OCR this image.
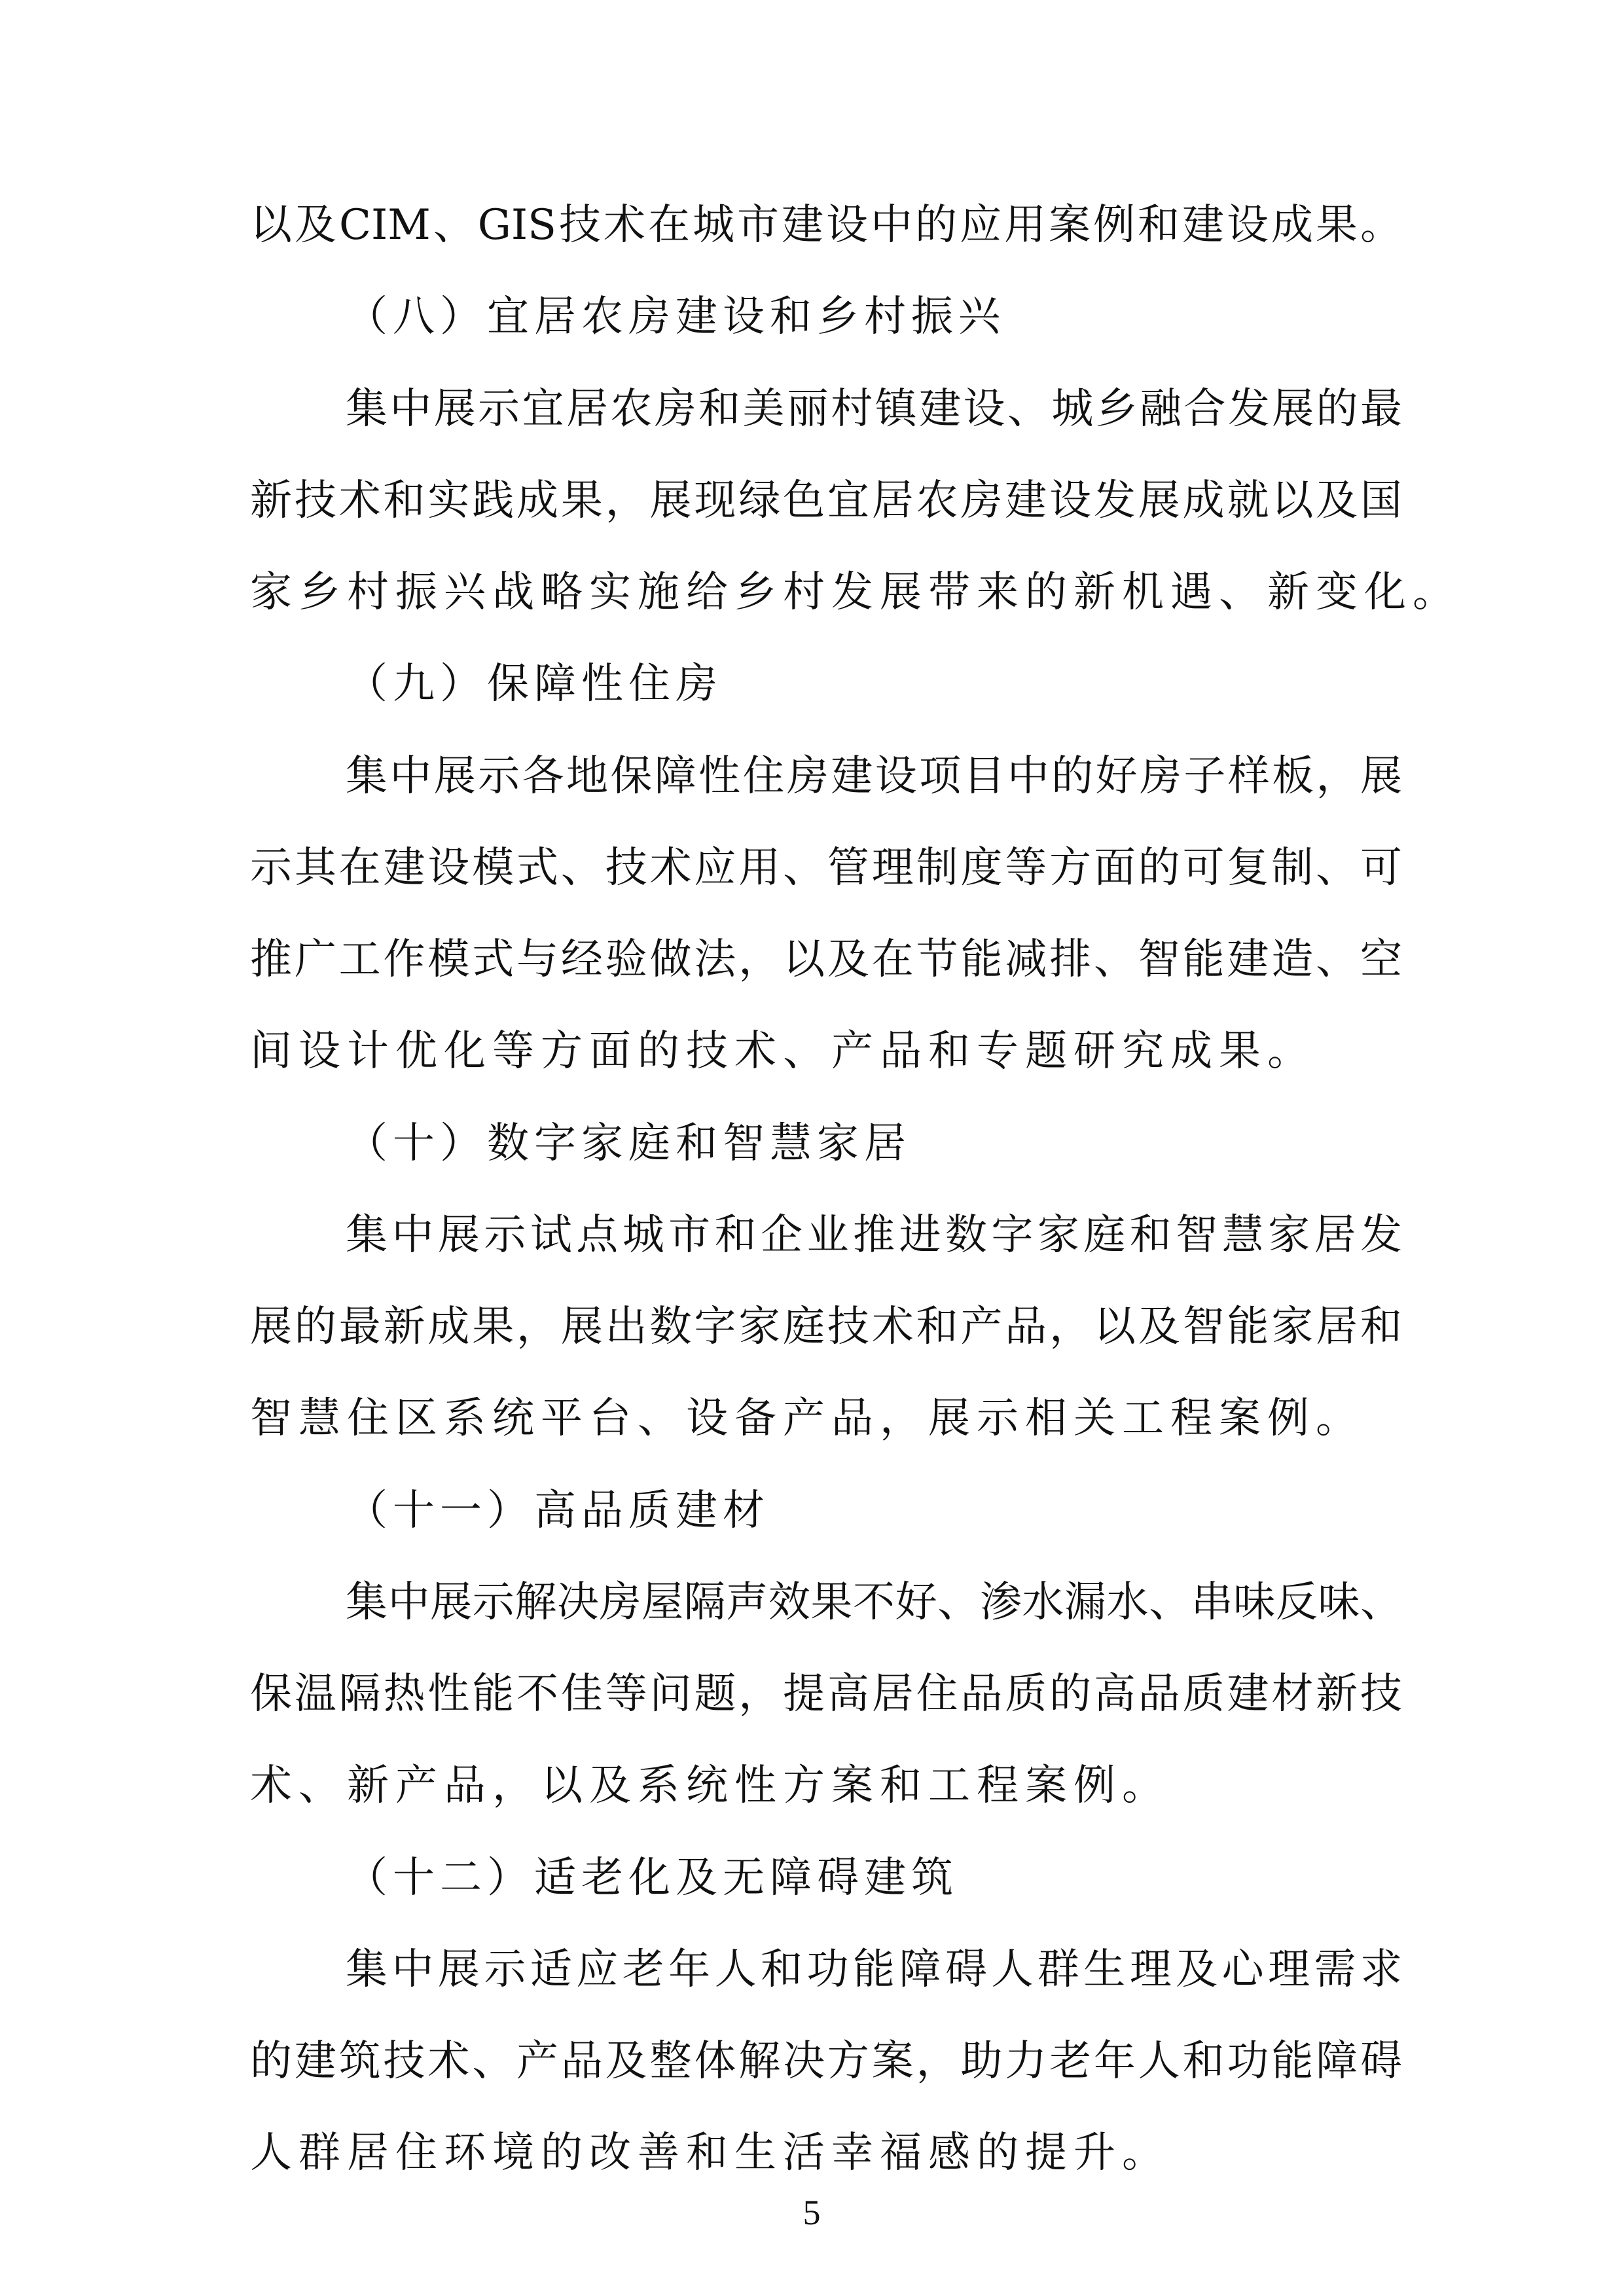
以及CIM、GIS技术在城市建设中的应用案例和建设成果。
（八）宜居农房建设和乡村振兴
集中展示宜居农房和美丽村镇建设、城乡融合发展的最
新技术和实践成果，展现绿色宜居农房建设发展成就以及国
家乡村振兴战略实施给乡村发展带来的新机遇、新变化。
（九）保障性住房
集中展示各地保障性住房建设项目中的好房子样板，展
示其在建设模式、技术应用、管理制度等方面的可复制、可
推广工作模式与经验做法，以及在节能减排、智能建造、空
间设计优化等方面的技术、产品和专题研究成果。
（十）数字家庭和智慧家居
集中展示试点城市和企业推进数字家庭和智慧家居发
展的最新成果，展出数字家庭技术和产品，以及智能家居和
智慧住区系统平台、设备产品，展示相关工程案例。
（十一）高品质建材
集中展示解决房屋隔声效果不好、渗水漏水、串味反味、
保温隔热性能不佳等问题，提高居住品质的高品质建材新技
术、新产品，以及系统性方案和工程案例。
（十二）适老化及无障碍建筑
集中展示适应老年人和功能障碍人群生理及心理需求
的建筑技术、产品及整体解决方案，助力老年人和功能障碍
人群居住环境的改善和生活幸福感的提升。
5
